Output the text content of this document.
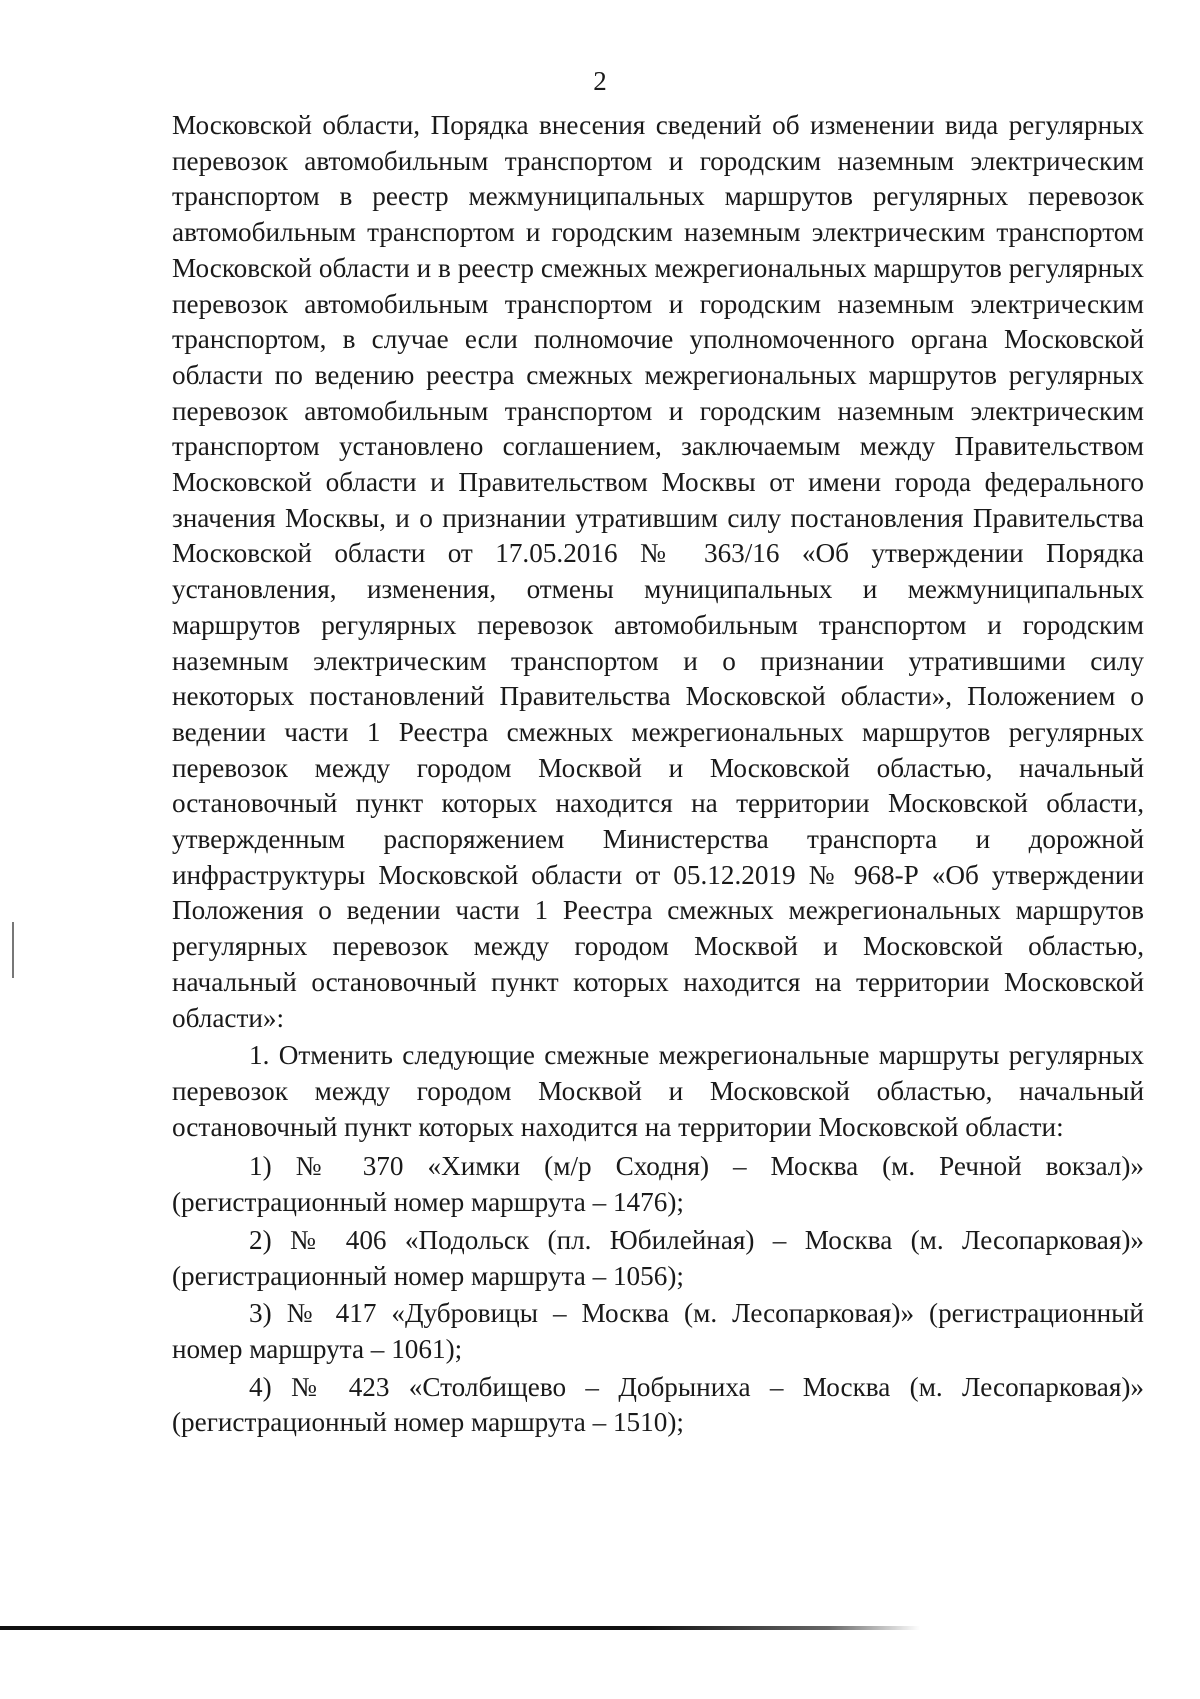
2

Московской области, Порядка внесения сведений об изменении вида регулярных перевозок автомобильным транспортом и городским наземным электрическим транспортом в реестр межмуниципальных маршрутов регулярных перевозок автомобильным транспортом и городским наземным электрическим транспортом Московской области и в реестр смежных межрегиональных маршрутов регулярных перевозок автомобильным транспортом и городским наземным электрическим транспортом, в случае если полномочие уполномоченного органа Московской области по ведению реестра смежных межрегиональных маршрутов регулярных перевозок автомобильным транспортом и городским наземным электрическим транспортом установлено соглашением, заключаемым между Правительством Московской области и Правительством Москвы от имени города федерального значения Москвы, и о признании утратившим силу постановления Правительства Московской области от 17.05.2016 № 363/16 «Об утверждении Порядка установления, изменения, отмены муниципальных и межмуниципальных маршрутов регулярных перевозок автомобильным транспортом и городским наземным электрическим транспортом и о признании утратившими силу некоторых постановлений Правительства Московской области», Положением о ведении части 1 Реестра смежных межрегиональных маршрутов регулярных перевозок между городом Москвой и Московской областью, начальный остановочный пункт которых находится на территории Московской области, утвержденным распоряжением Министерства транспорта и дорожной инфраструктуры Московской области от 05.12.2019 № 968-Р «Об утверждении Положения о ведении части 1 Реестра смежных межрегиональных маршрутов регулярных перевозок между городом Москвой и Московской областью, начальный остановочный пункт которых находится на территории Московской области»:

1. Отменить следующие смежные межрегиональные маршруты регулярных перевозок между городом Москвой и Московской областью, начальный остановочный пункт которых находится на территории Московской области:

1) № 370 «Химки (м/р Сходня) – Москва (м. Речной вокзал)» (регистрационный номер маршрута – 1476);

2) № 406 «Подольск (пл. Юбилейная) – Москва (м. Лесопарковая)» (регистрационный номер маршрута – 1056);

3) № 417 «Дубровицы – Москва (м. Лесопарковая)» (регистрационный номер маршрута – 1061);

4) № 423 «Столбищево – Добрыниха – Москва (м. Лесопарковая)» (регистрационный номер маршрута – 1510);
